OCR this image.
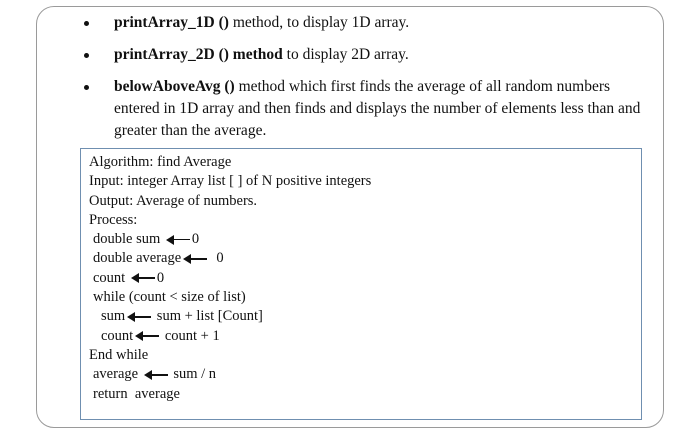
printArray_1D () method, to display 1D array.
printArray_2D () method to display 2D array.
belowAboveAvg () method which first finds the average of all random numbers entered in 1D array and then finds and displays the number of elements less than and greater than the average.
Algorithm: find Average
Input: integer Array list [ ] of N positive integers
Output: Average of numbers.
Process:
double sum 0
double average 0
count 0
while (count < size of list)
sum sum + list [Count]
count count + 1
End while
average sum / n
return  average
